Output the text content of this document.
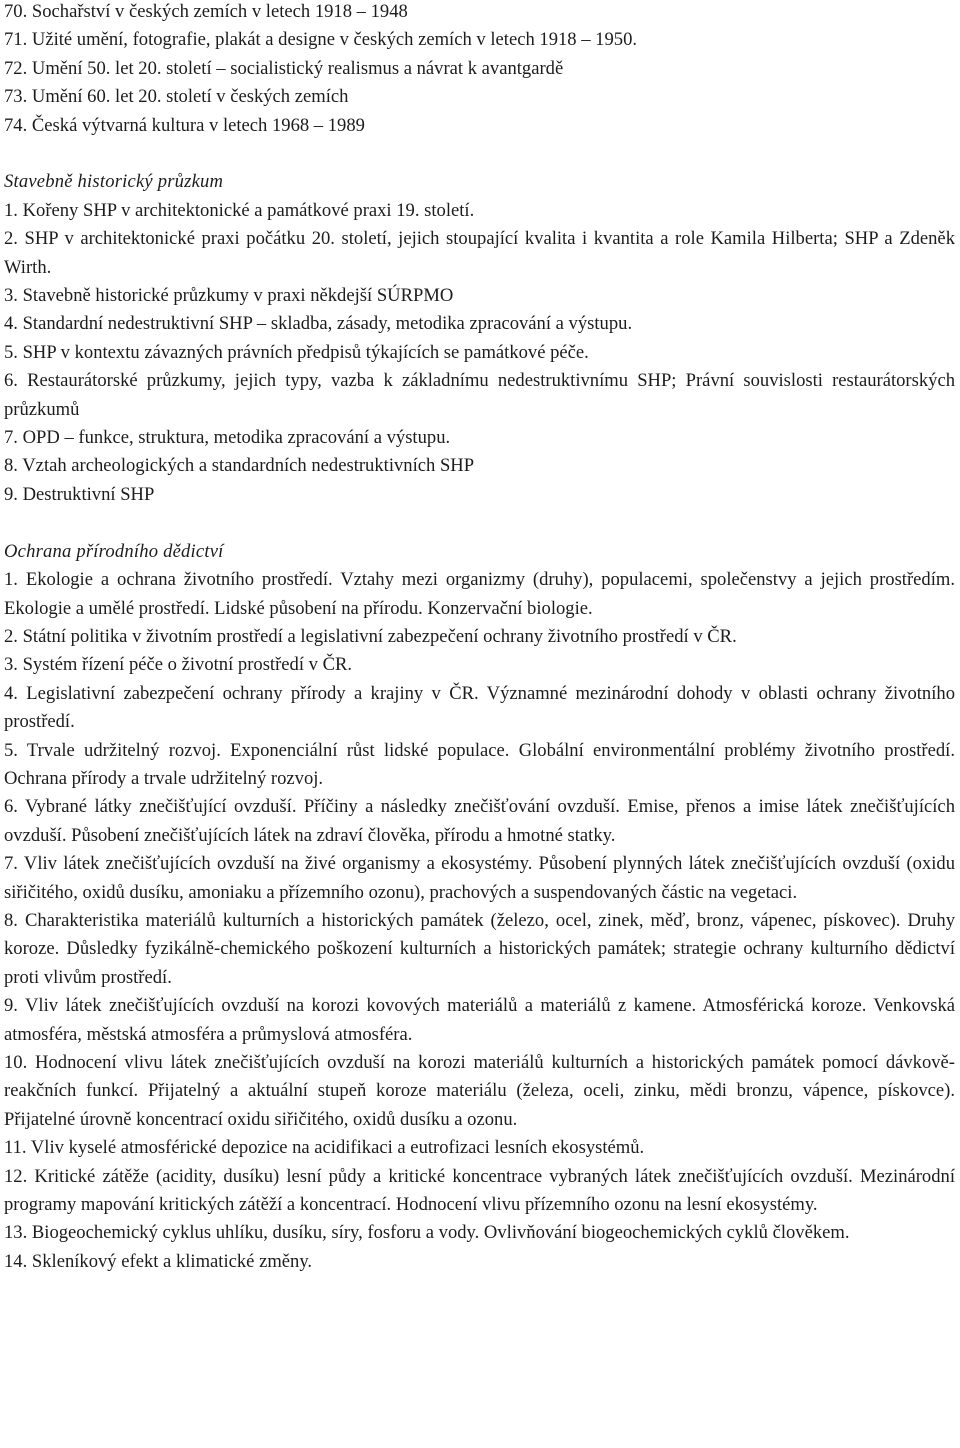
70. Sochařství v českých zemích v letech 1918 – 1948
71. Užité umění, fotografie, plakát a designe v českých zemích v letech 1918 – 1950.
72. Umění 50. let 20. století – socialistický realismus a návrat k avantgardě
73. Umění 60. let 20. století v českých zemích
74. Česká výtvarná kultura v letech 1968 – 1989
Stavebně historický průzkum
1. Kořeny SHP v architektonické a památkové praxi 19. století.
2. SHP v architektonické praxi počátku 20. století, jejich stoupající kvalita i kvantita a role Kamila Hilberta; SHP a Zdeněk Wirth.
3. Stavebně historické průzkumy v praxi někdejší SÚRPMO
4. Standardní nedestruktivní SHP – skladba, zásady, metodika zpracování a výstupu.
5. SHP v kontextu závazných právních předpisů týkajících se památkové péče.
6. Restaurátorské průzkumy, jejich typy, vazba k základnímu nedestruktivnímu SHP; Právní souvislosti restaurátorských průzkumů
7. OPD – funkce, struktura, metodika zpracování a výstupu.
8. Vztah archeologických a standardních nedestruktivních SHP
9. Destruktivní SHP
Ochrana přírodního dědictví
1. Ekologie a ochrana životního prostředí. Vztahy mezi organizmy (druhy), populacemi, společenstvy a jejich prostředím. Ekologie a umělé prostředí. Lidské působení na přírodu. Konzervační biologie.
2. Státní politika v životním prostředí a legislativní zabezpečení ochrany životního prostředí v ČR.
3. Systém řízení péče o životní prostředí v ČR.
4. Legislativní zabezpečení ochrany přírody a krajiny v ČR. Významné mezinárodní dohody v oblasti ochrany životního prostředí.
5. Trvale udržitelný rozvoj. Exponenciální růst lidské populace. Globální environmentální problémy životního prostředí. Ochrana přírody a trvale udržitelný rozvoj.
6. Vybrané látky znečišťující ovzduší. Příčiny a následky znečišťování ovzduší. Emise, přenos a imise látek znečišťujících ovzduší. Působení znečišťujících látek na zdraví člověka, přírodu a hmotné statky.
7. Vliv látek znečišťujících ovzduší na živé organismy a ekosystémy. Působení plynných látek znečišťujících ovzduší (oxidu siřičitého, oxidů dusíku, amoniaku a přízemního ozonu), prachových a suspendovaných částic na vegetaci.
8. Charakteristika materiálů kulturních a historických památek (železo, ocel, zinek, měď, bronz, vápenec, pískovec). Druhy koroze. Důsledky fyzikálně-chemického poškození kulturních a historických památek; strategie ochrany kulturního dědictví proti vlivům prostředí.
9. Vliv látek znečišťujících ovzduší na korozi kovových materiálů a materiálů z kamene. Atmosférická koroze. Venkovská atmosféra, městská atmosféra a průmyslová atmosféra.
10. Hodnocení vlivu látek znečišťujících ovzduší na korozi materiálů kulturních a historických památek pomocí dávkově-reakčních funkcí. Přijatelný a aktuální stupeň koroze materiálu (železa, oceli, zinku, mědi bronzu, vápence, pískovce). Přijatelné úrovně koncentrací oxidu siřičitého, oxidů dusíku a ozonu.
11. Vliv kyselé atmosférické depozice na acidifikaci a eutrofizaci lesních ekosystémů.
12. Kritické zátěže (acidity, dusíku) lesní půdy a kritické koncentrace vybraných látek znečišťujících ovzduší. Mezinárodní programy mapování kritických zátěží a koncentrací. Hodnocení vlivu přízemního ozonu na lesní ekosystémy.
13. Biogeochemický cyklus uhlíku, dusíku, síry, fosforu a vody. Ovlivňování biogeochemických cyklů člověkem.
14. Skleníkový efekt a klimatické změny.
